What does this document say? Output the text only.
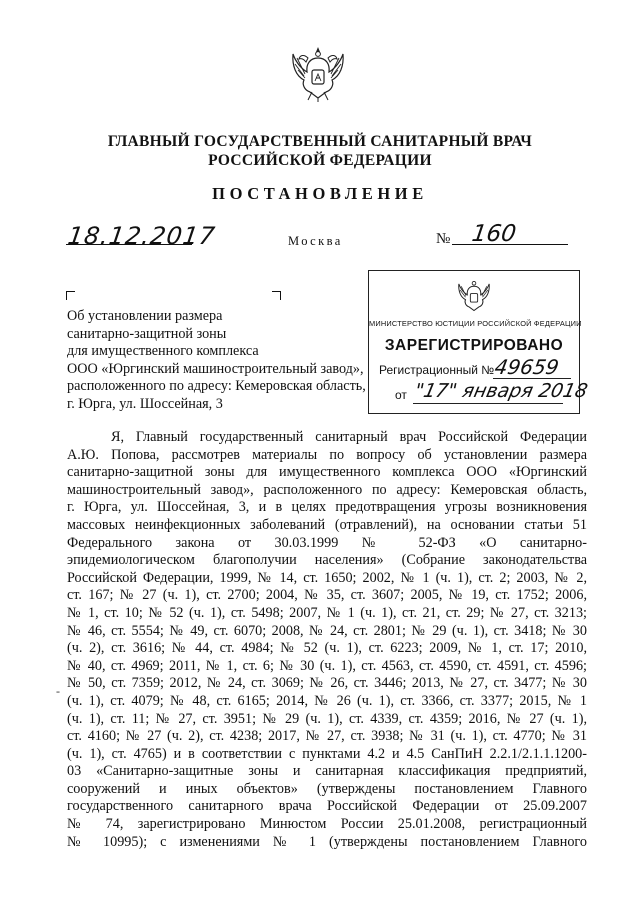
ГЛАВНЫЙ ГОСУДАРСТВЕННЫЙ САНИТАРНЫЙ ВРАЧ
РОССИЙСКОЙ ФЕДЕРАЦИИ
ПОСТАНОВЛЕНИЕ
18.12.2017	Москва	№ 160
Об установлении размера
санитарно-защитной зоны
для имущественного комплекса
ООО «Юргинский машиностроительный завод»,
расположенного по адресу: Кемеровская область,
г. Юрга, ул. Шоссейная, 3
МИНИСТЕРСТВО ЮСТИЦИИ РОССИЙСКОЙ ФЕДЕРАЦИИ
ЗАРЕГИСТРИРОВАНО
Регистрационный №
49659
от "17" января 2018
-
Я, Главный государственный санитарный врач Российской Федерации
А.Ю. Попова, рассмотрев материалы по вопросу об установлении размера
санитарно-защитной зоны для имущественного комплекса ООО «Юргинский
машиностроительный завод», расположенного по адресу: Кемеровская область,
г. Юрга, ул. Шоссейная, 3, и в целях предотвращения угрозы возникновения
массовых неинфекционных заболеваний (отравлений), на основании статьи 51
Федерального закона от 30.03.1999 № 52-ФЗ «О санитарно-
эпидемиологическом благополучии населения» (Собрание законодательства
Российской Федерации, 1999, № 14, ст. 1650; 2002, № 1 (ч. 1), ст. 2; 2003, № 2,
ст. 167; № 27 (ч. 1), ст. 2700; 2004, № 35, ст. 3607; 2005, № 19, ст. 1752; 2006,
№ 1, ст. 10; № 52 (ч. 1), ст. 5498; 2007, № 1 (ч. 1), ст. 21, ст. 29; № 27, ст. 3213;
№ 46, ст. 5554; № 49, ст. 6070; 2008, № 24, ст. 2801; № 29 (ч. 1), ст. 3418; № 30
(ч. 2), ст. 3616; № 44, ст. 4984; № 52 (ч. 1), ст. 6223; 2009, № 1, ст. 17; 2010,
№ 40, ст. 4969; 2011, № 1, ст. 6; № 30 (ч. 1), ст. 4563, ст. 4590, ст. 4591, ст. 4596;
№ 50, ст. 7359; 2012, № 24, ст. 3069; № 26, ст. 3446; 2013, № 27, ст. 3477; № 30
(ч. 1), ст. 4079; № 48, ст. 6165; 2014, № 26 (ч. 1), ст. 3366, ст. 3377; 2015, № 1
(ч. 1), ст. 11; № 27, ст. 3951; № 29 (ч. 1), ст. 4339, ст. 4359; 2016, № 27 (ч. 1),
ст. 4160; № 27 (ч. 2), ст. 4238; 2017, № 27, ст. 3938; № 31 (ч. 1), ст. 4770; № 31
(ч. 1), ст. 4765) и в соответствии с пунктами 4.2 и 4.5 СанПиН 2.2.1/2.1.1.1200-
03 «Санитарно-защитные зоны и санитарная классификация предприятий,
сооружений и иных объектов» (утверждены постановлением Главного
государственного санитарного врача Российской Федерации от 25.09.2007
№ 74, зарегистрировано Минюстом России 25.01.2008, регистрационный
№ 10995); с изменениями № 1 (утверждены постановлением Главного
